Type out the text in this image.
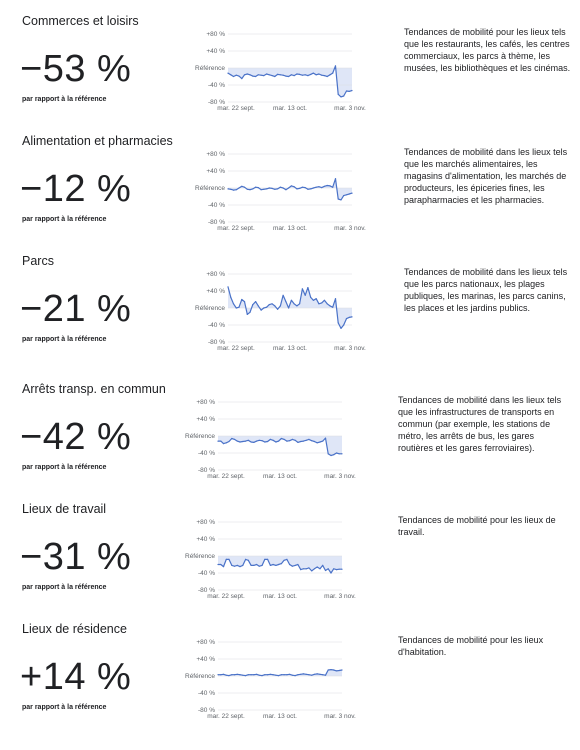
Commerces et loisirs
−53 %
par rapport à la référence
Tendances de mobilité pour les lieux tels que les restaurants, les cafés, les centres commerciaux, les parcs à thème, les musées, les bibliothèques et les cinémas.
+80 %
+40 %
Référence
-40 %
-80 %
mar. 22 sept.	mar. 13 oct.	mar. 3 nov.
Alimentation et pharmacies
−12 %
par rapport à la référence
Tendances de mobilité dans les lieux tels que les marchés alimentaires, les magasins d'alimentation, les marchés de producteurs, les épiceries fines, les parapharmacies et les pharmacies.
+80 %
+40 %
Référence
-40 %
-80 %
mar. 22 sept.	mar. 13 oct.	mar. 3 nov.
Parcs
−21 %
par rapport à la référence
Tendances de mobilité dans les lieux tels que les parcs nationaux, les plages publiques, les marinas, les parcs canins, les places et les jardins publics.
+80 %
+40 %
Référence
-40 %
-80 %
mar. 22 sept.	mar. 13 oct.	mar. 3 nov.
Arrêts transp. en commun
−42 %
par rapport à la référence
Tendances de mobilité dans les lieux tels que les infrastructures de transports en commun (par exemple, les stations de métro, les arrêts de bus, les gares routières et les gares ferroviaires).
+80 %
+40 %
Référence
-40 %
-80 %
mar. 22 sept.	mar. 13 oct.	mar. 3 nov.
Lieux de travail
−31 %
par rapport à la référence
Tendances de mobilité pour les lieux de travail.
+80 %
+40 %
Référence
-40 %
-80 %
mar. 22 sept.	mar. 13 oct.	mar. 3 nov.
Lieux de résidence
+14 %
par rapport à la référence
Tendances de mobilité pour les lieux d'habitation.
+80 %
+40 %
Référence
-40 %
-80 %
mar. 22 sept.	mar. 13 oct.	mar. 3 nov.
